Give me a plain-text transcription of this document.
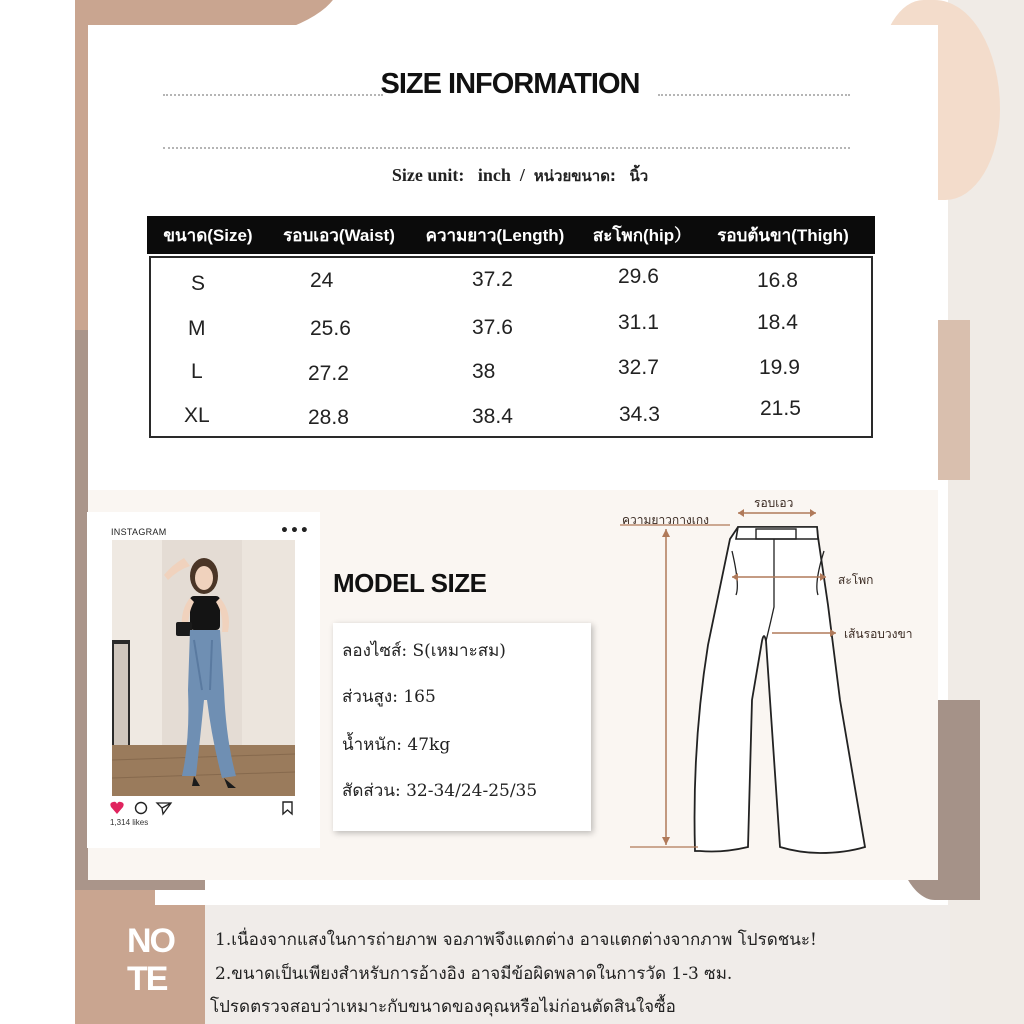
SIZE INFORMATION
Size unit: inch / หน่วยขนาด: นิ้ว
ขนาด(Size)	รอบเอว(Waist)	ความยาว(Length)	สะโพก(hip）	รอบต้นขา(Thigh)
S	24	37.2	29.6	16.8
M	25.6	37.6	31.1	18.4
L	27.2	38	32.7	19.9
XL	28.8	38.4	34.3	21.5
INSTAGRAM	•••
1,314 likes
MODEL SIZE
ลองไซส์: S(เหมาะสม)
ส่วนสูง: 165
น้ำหนัก: 47kg
สัดส่วน: 32-34/24-25/35
รอบเอว
ความยาวกางเกง
สะโพก
เส้นรอบวงขา
NO
TE
1.เนื่องจากแสงในการถ่ายภาพ จอภาพจึงแตกต่าง อาจแตกต่างจากภาพ โปรดชนะ!
2.ขนาดเป็นเพียงสำหรับการอ้างอิง อาจมีข้อผิดพลาดในการวัด 1-3 ซม.
โปรดตรวจสอบว่าเหมาะกับขนาดของคุณหรือไม่ก่อนตัดสินใจซื้อ
